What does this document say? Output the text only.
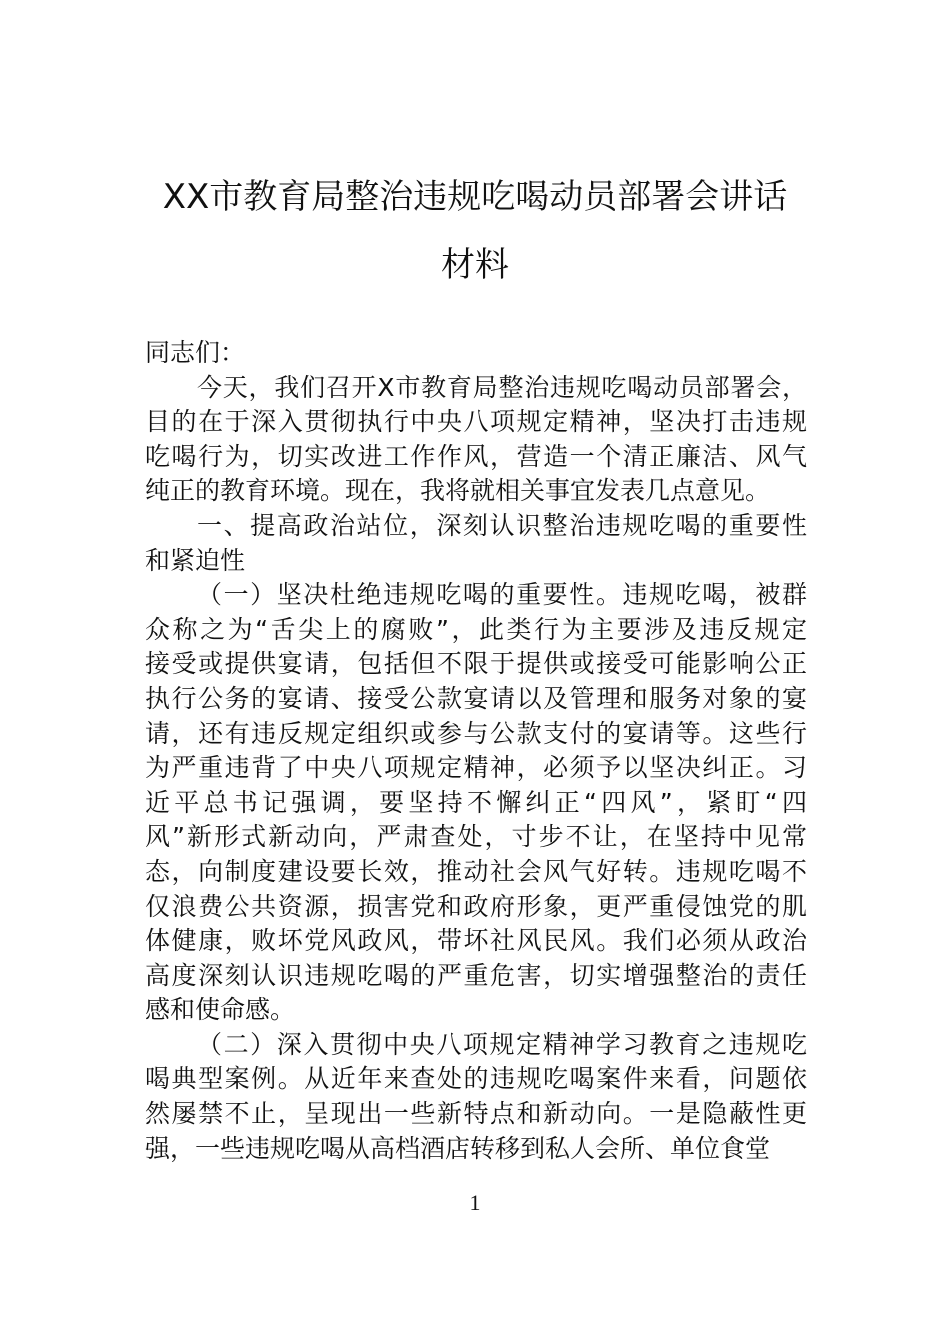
XX市教育局整治违规吃喝动员部署会讲话
材料
同志们：
今天，我们召开X市教育局整治违规吃喝动员部署会，
目的在于深入贯彻执行中央八项规定精神，坚决打击违规
吃喝行为，切实改进工作作风，营造一个清正廉洁、风气
纯正的教育环境。现在，我将就相关事宜发表几点意见。
一、提高政治站位，深刻认识整治违规吃喝的重要性
和紧迫性
（一）坚决杜绝违规吃喝的重要性。违规吃喝，被群
众称之为“舌尖上的腐败”，此类行为主要涉及违反规定
接受或提供宴请，包括但不限于提供或接受可能影响公正
执行公务的宴请、接受公款宴请以及管理和服务对象的宴
请，还有违反规定组织或参与公款支付的宴请等。这些行
为严重违背了中央八项规定精神，必须予以坚决纠正。习
近平总书记强调，要坚持不懈纠正“四风”，紧盯“四
风”新形式新动向，严肃查处，寸步不让，在坚持中见常
态，向制度建设要长效，推动社会风气好转。违规吃喝不
仅浪费公共资源，损害党和政府形象，更严重侵蚀党的肌
体健康，败坏党风政风，带坏社风民风。我们必须从政治
高度深刻认识违规吃喝的严重危害，切实增强整治的责任
感和使命感。
（二）深入贯彻中央八项规定精神学习教育之违规吃
喝典型案例。从近年来查处的违规吃喝案件来看，问题依
然屡禁不止，呈现出一些新特点和新动向。一是隐蔽性更
强，一些违规吃喝从高档酒店转移到私人会所、单位食堂
1
